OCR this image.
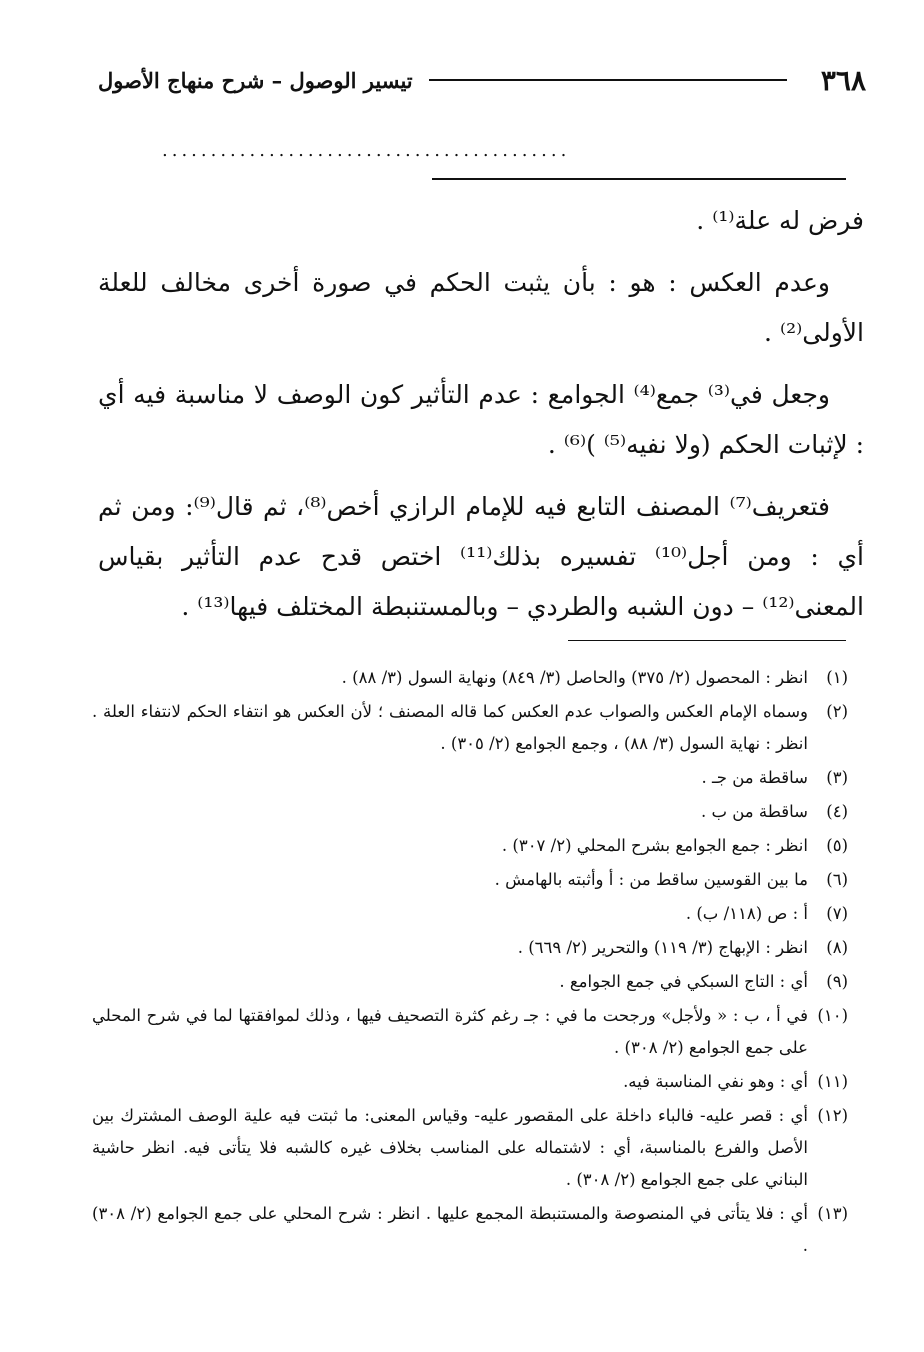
٣٦٨
تيسير الوصول – شرح منهاج الأصول
..........................................

فرض له علة⁽¹⁾ .

وعدم العكس : هو : بأن يثبت الحكم في صورة أخرى مخالف للعلة الأولى⁽²⁾ .

وجعل في⁽³⁾ جمع⁽⁴⁾ الجوامع : عدم التأثير كون الوصف لا مناسبة فيه أي : لإثبات الحكم (ولا نفيه⁽⁵⁾ )⁽⁶⁾ .

فتعريف⁽⁷⁾ المصنف التابع فيه للإمام الرازي أخص⁽⁸⁾، ثم قال⁽⁹⁾: ومن ثم أي : ومن أجل⁽¹⁰⁾ تفسيره بذلك⁽¹¹⁾ اختص قدح عدم التأثير بقياس المعنى⁽¹²⁾ – دون الشبه والطردي – وبالمستنبطة المختلف فيها⁽¹³⁾ .

(١)
انظر : المحصول (٢/ ٣٧٥) والحاصل (٣/ ٨٤٩) ونهاية السول (٣/ ٨٨) .
(٢)
وسماه الإمام العكس والصواب عدم العكس كما قاله المصنف ؛ لأن العكس هو انتفاء الحكم لانتفاء العلة . انظر : نهاية السول (٣/ ٨٨) ، وجمع الجوامع (٢/ ٣٠٥) .
(٣)
ساقطة من جـ .
(٤)
ساقطة من ب .
(٥)
انظر : جمع الجوامع بشرح المحلي (٢/ ٣٠٧) .
(٦)
ما بين القوسين ساقط من : أ وأثبته بالهامش .
(٧)
أ : ص (١١٨/ ب) .
(٨)
انظر : الإبهاج (٣/ ١١٩) والتحرير (٢/ ٦٦٩) .
(٩)
أي : التاج السبكي في جمع الجوامع .
(١٠)
في أ ، ب : « ولأجل» ورجحت ما في : جـ رغم كثرة التصحيف فيها ، وذلك لموافقتها لما في شرح المحلي على جمع الجوامع (٢/ ٣٠٨) .
(١١)
أي : وهو نفي المناسبة فيه.
(١٢)
أي : قصر عليه- فالباء داخلة على المقصور عليه- وقياس المعنى: ما ثبتت فيه علية الوصف المشترك بين الأصل والفرع بالمناسبة، أي : لاشتماله على المناسب بخلاف غيره كالشبه فلا يتأتى فيه. انظر حاشية البناني على جمع الجوامع (٢/ ٣٠٨) .
(١٣)
أي : فلا يتأتى في المنصوصة والمستنبطة المجمع عليها . انظر : شرح المحلي على جمع الجوامع (٢/ ٣٠٨) .
